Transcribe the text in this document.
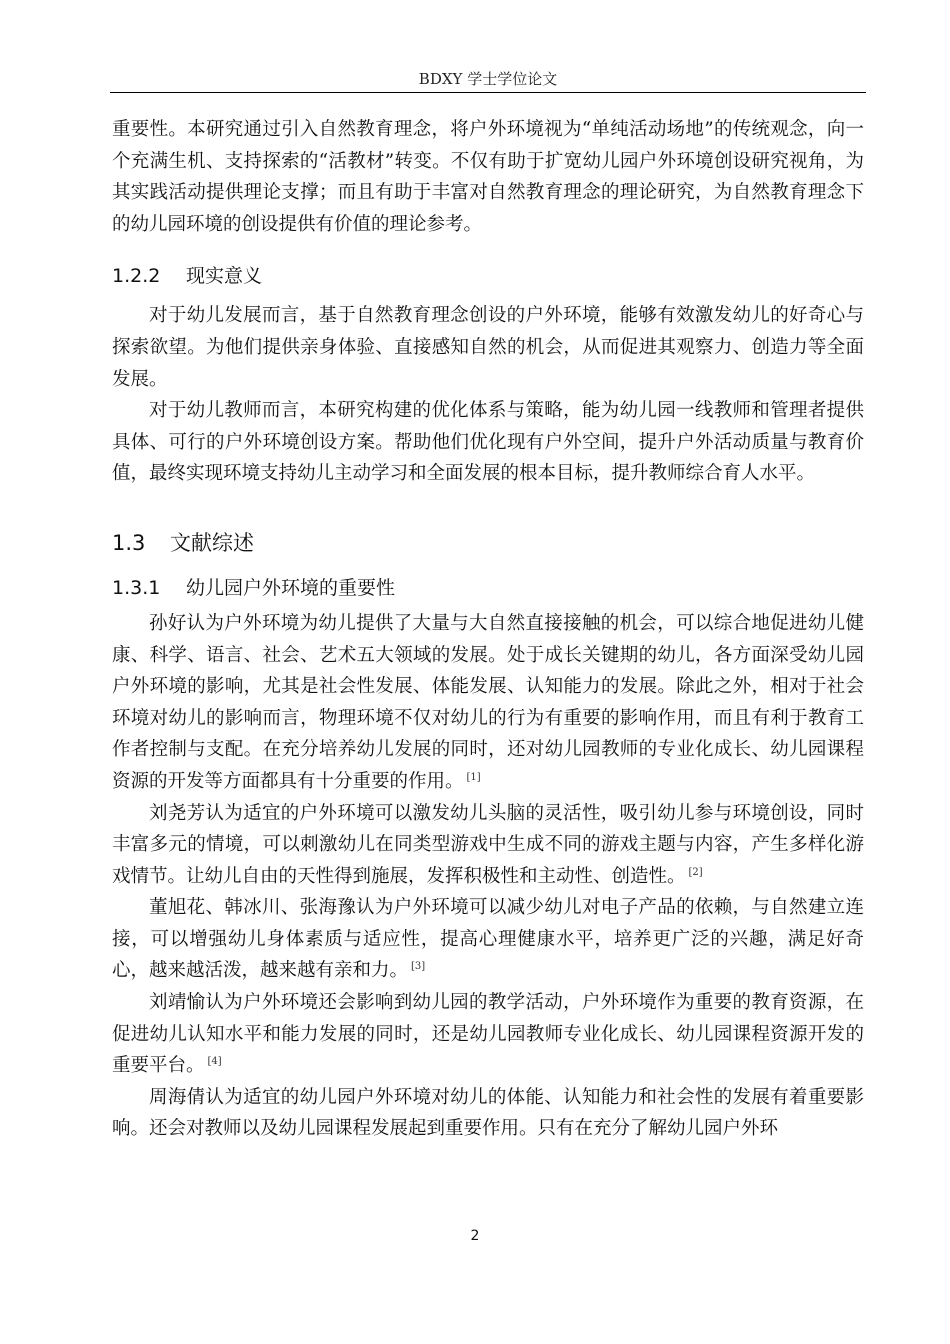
BDXY 学士学位论文

重要性。本研究通过引入自然教育理念，将户外环境视为“单纯活动场地”的传统观念，向一个充满生机、支持探索的“活教材”转变。不仅有助于扩宽幼儿园户外环境创设研究视角，为其实践活动提供理论支撑；而且有助于丰富对自然教育理念的理论研究，为自然教育理念下的幼儿园环境的创设提供有价值的理论参考。

1.2.2 现实意义

对于幼儿发展而言，基于自然教育理念创设的户外环境，能够有效激发幼儿的好奇心与探索欲望。为他们提供亲身体验、直接感知自然的机会，从而促进其观察力、创造力等全面发展。

对于幼儿教师而言，本研究构建的优化体系与策略，能为幼儿园一线教师和管理者提供具体、可行的户外环境创设方案。帮助他们优化现有户外空间，提升户外活动质量与教育价值，最终实现环境支持幼儿主动学习和全面发展的根本目标，提升教师综合育人水平。

1.3 文献综述
1.3.1 幼儿园户外环境的重要性

孙好认为户外环境为幼儿提供了大量与大自然直接接触的机会，可以综合地促进幼儿健康、科学、语言、社会、艺术五大领域的发展。处于成长关键期的幼儿，各方面深受幼儿园户外环境的影响，尤其是社会性发展、体能发展、认知能力的发展。除此之外，相对于社会环境对幼儿的影响而言，物理环境不仅对幼儿的行为有重要的影响作用，而且有利于教育工作者控制与支配。在充分培养幼儿发展的同时，还对幼儿园教师的专业化成长、幼儿园课程资源的开发等方面都具有十分重要的作用。 [1]

刘尧芳认为适宜的户外环境可以激发幼儿头脑的灵活性，吸引幼儿参与环境创设，同时丰富多元的情境，可以刺激幼儿在同类型游戏中生成不同的游戏主题与内容，产生多样化游戏情节。让幼儿自由的天性得到施展，发挥积极性和主动性、创造性。 [2]

董旭花、韩冰川、张海豫认为户外环境可以减少幼儿对电子产品的依赖，与自然建立连接，可以增强幼儿身体素质与适应性，提高心理健康水平，培养更广泛的兴趣，满足好奇心，越来越活泼，越来越有亲和力。 [3]

刘靖愉认为户外环境还会影响到幼儿园的教学活动，户外环境作为重要的教育资源，在促进幼儿认知水平和能力发展的同时，还是幼儿园教师专业化成长、幼儿园课程资源开发的重要平台。 [4]

周海倩认为适宜的幼儿园户外环境对幼儿的体能、认知能力和社会性的发展有着重要影响。还会对教师以及幼儿园课程发展起到重要作用。只有在充分了解幼儿园户外环

2
